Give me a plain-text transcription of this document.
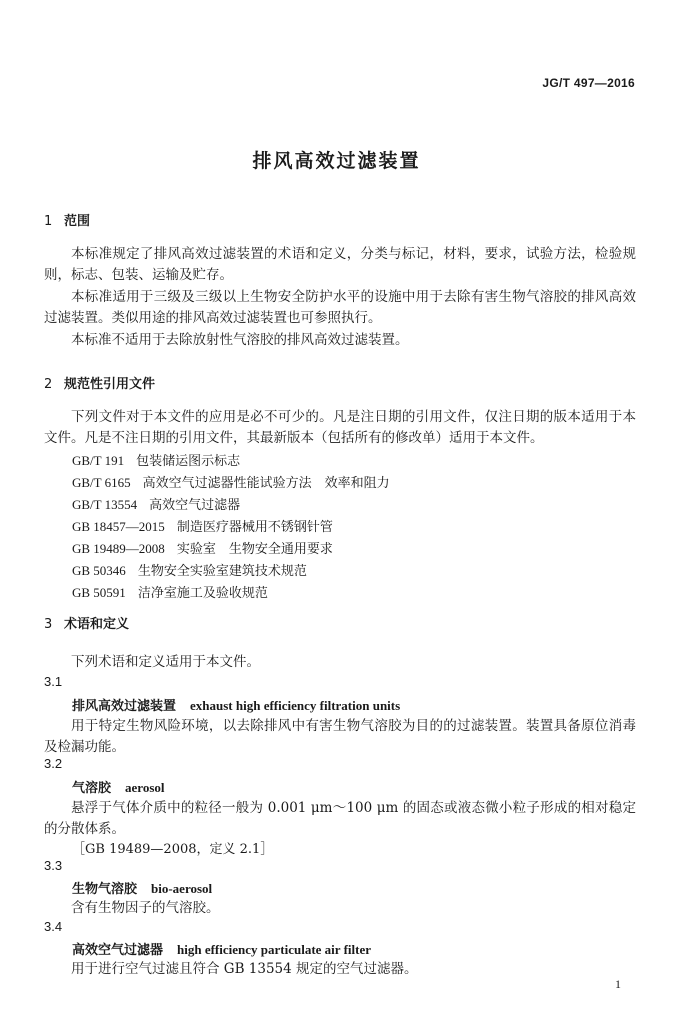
JG/T 497—2016
排风高效过滤装置
1 范围
本标准规定了排风高效过滤装置的术语和定义，分类与标记，材料，要求，试验方法，检验规则，标志、包装、运输及贮存。
本标准适用于三级及三级以上生物安全防护水平的设施中用于去除有害生物气溶胶的排风高效过滤装置。类似用途的排风高效过滤装置也可参照执行。
本标准不适用于去除放射性气溶胶的排风高效过滤装置。
2 规范性引用文件
下列文件对于本文件的应用是必不可少的。凡是注日期的引用文件，仅注日期的版本适用于本文件。凡是不注日期的引用文件，其最新版本（包括所有的修改单）适用于本文件。
GB/T 191 包装储运图示标志
GB/T 6165 高效空气过滤器性能试验方法　效率和阻力
GB/T 13554 高效空气过滤器
GB 18457—2015 制造医疗器械用不锈钢针管
GB 19489—2008 实验室　生物安全通用要求
GB 50346 生物安全实验室建筑技术规范
GB 50591 洁净室施工及验收规范
3 术语和定义
下列术语和定义适用于本文件。
3.1
排风高效过滤装置 exhaust high efficiency filtration units
用于特定生物风险环境，以去除排风中有害生物气溶胶为目的的过滤装置。装置具备原位消毒及检漏功能。
3.2
气溶胶 aerosol
悬浮于气体介质中的粒径一般为 0.001 μm～100 μm 的固态或液态微小粒子形成的相对稳定的分散体系。
［GB 19489—2008，定义 2.1］
3.3
生物气溶胶 bio-aerosol
含有生物因子的气溶胶。
3.4
高效空气过滤器 high efficiency particulate air filter
用于进行空气过滤且符合 GB 13554 规定的空气过滤器。
1
